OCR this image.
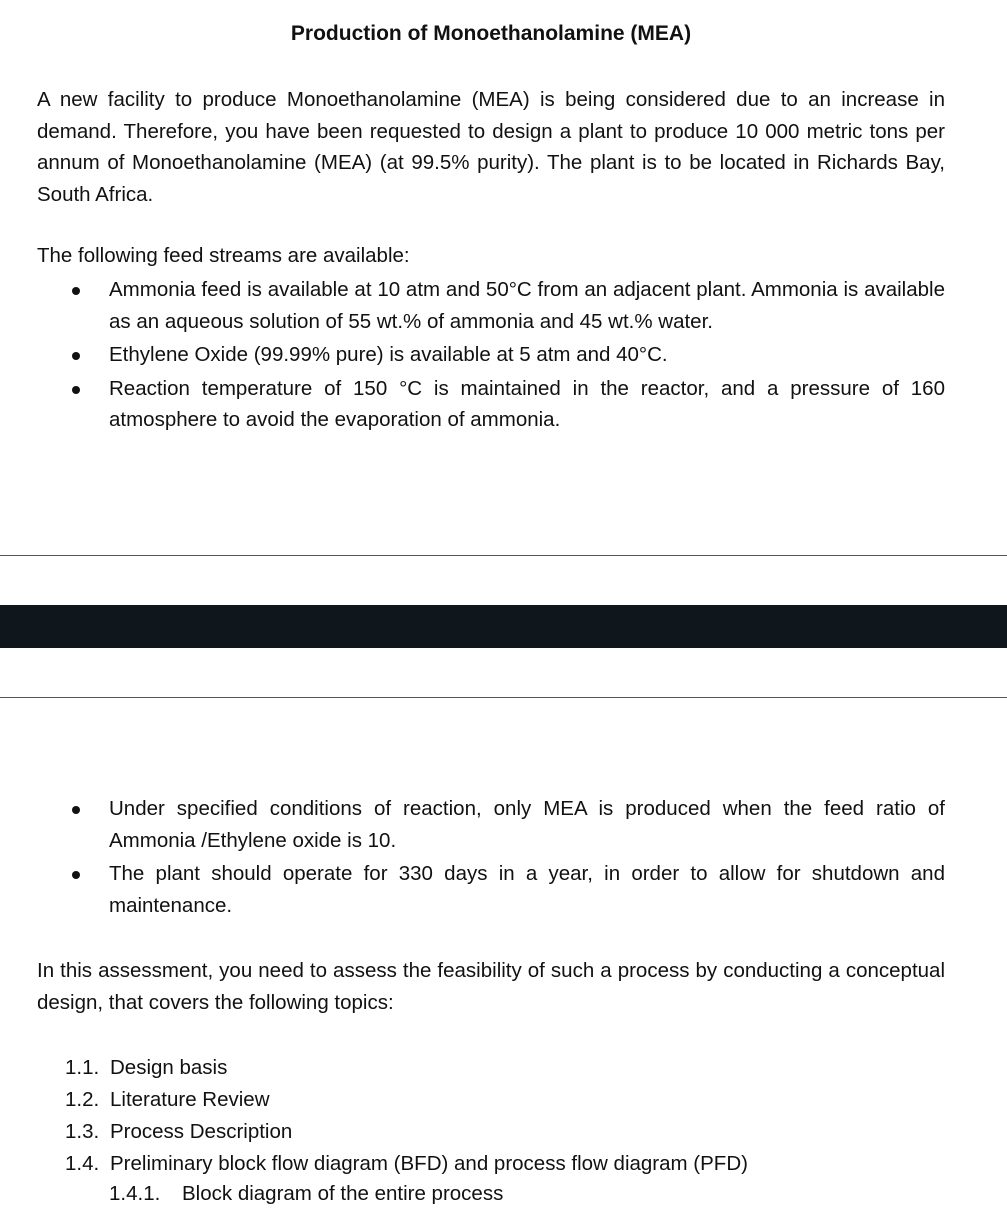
Production of Monoethanolamine (MEA)
A new facility to produce Monoethanolamine (MEA) is being considered due to an increase in demand. Therefore, you have been requested to design a plant to produce 10 000 metric tons per annum of Monoethanolamine (MEA) (at 99.5% purity). The plant is to be located in Richards Bay, South Africa.
The following feed streams are available:
Ammonia feed is available at 10 atm and 50°C from an adjacent plant. Ammonia is available as an aqueous solution of 55 wt.% of ammonia and 45 wt.% water.
Ethylene Oxide (99.99% pure) is available at 5 atm and 40°C.
Reaction temperature of 150 °C is maintained in the reactor, and a pressure of 160 atmosphere to avoid the evaporation of ammonia.
Under specified conditions of reaction, only MEA is produced when the feed ratio of Ammonia /Ethylene oxide is 10.
The plant should operate for 330 days in a year, in order to allow for shutdown and maintenance.
In this assessment, you need to assess the feasibility of such a process by conducting a conceptual design, that covers the following topics:
1.1. Design basis
1.2. Literature Review
1.3. Process Description
1.4. Preliminary block flow diagram (BFD) and process flow diagram (PFD)
1.4.1. Block diagram of the entire process
